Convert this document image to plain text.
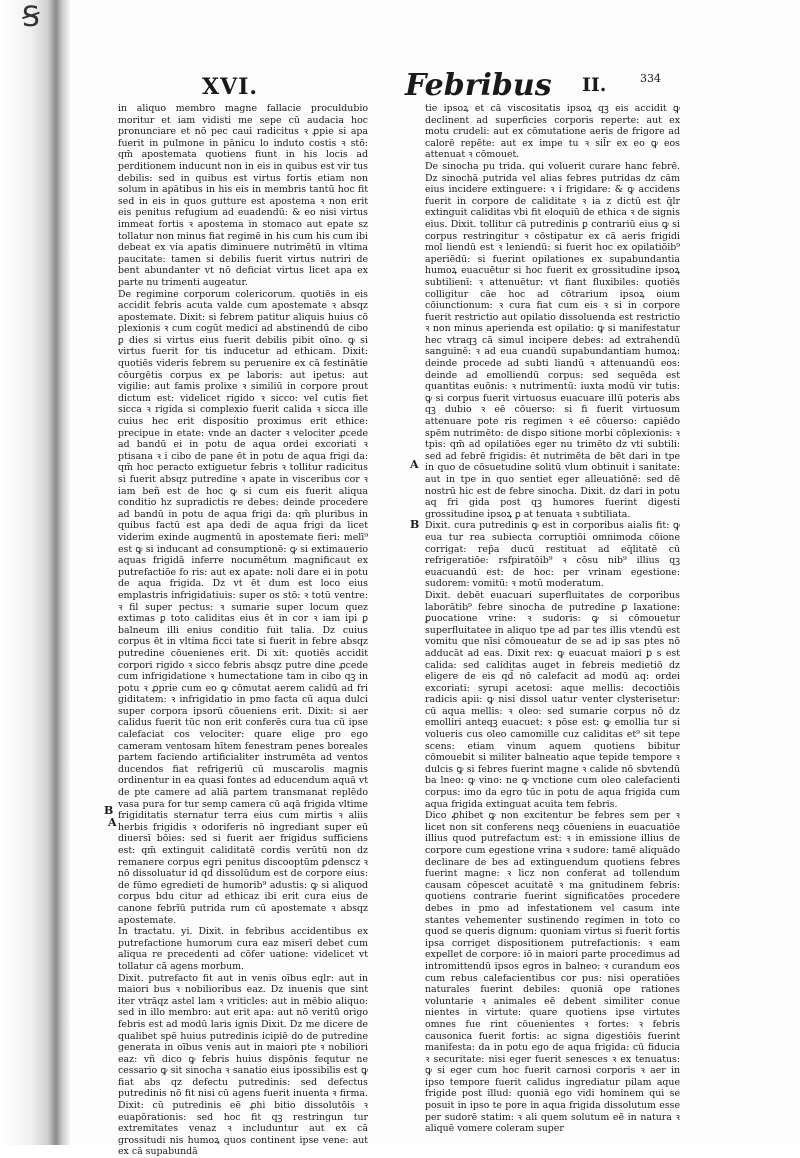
Ꞩ
XVI.	Febribus II.	334

in aliquo membro magne fallacie proculdubio moritur et iam vidisti me sepe cū audacia hoc pronunciare et nō pec caui radicitus ꝛ ꝓpie si apa fuerit in pulmone in pānicu lo induto costis ꝛ stō: qm̄ apostemata quotiens fiunt in his locis ad perditionem inducunt non in eis in quibus est vir tus debilis: sed in quibus est virtus fortis etiam non solum in apātibus in his eis in membris tantū hoc fit sed in eis in quos gutture est apostema ꝛ non erit eis penitus refugium ad euadendū: & eo nisi virtus immeat fortis ꝛ apostema in stomaco aut epate sz tollatur non minus fiat regimē in his cum his cum ibi debeat ex via apatis diminuere nutrimētū in vltima paucitate: tamen si debilis fuerit virtus nutriri de bent abundanter vt nō deficiat virtus licet apa ex parte nu trimenti augeatur.

De regimine corporum colericorum. quotiēs in eis accidit febris acuta valde cum apostemate ꝛ absqz apostemate. Dixit: si febrem patitur aliquis huius cō plexionis ꝛ cum cogūt medici ad abstinendū de cibo ꝑ dies si virtus eius fuerit debilis pibit oīno. ꝙ si virtus fuerit for tis inducetur ad ethicam. Dixit: quotiēs videris febrem su peruenire ex cā festinātie cōurgētis corpus ex pe laboris: aut ipetus: aut vigilie: aut famis prolixe ꝛ similiū in corpore prout dictum est: videlicet rigido ꝛ sicco: vel cutis fiet sicca ꝛ rigida si complexio fuerit calida ꝛ sicca ille cuius hec erit dispositio proximus erit ethice: precipue in etate: vnde an dacter ꝛ velociter ꝓcede ad bandū ei in potu de aqua ordei excoriati ꝛ ptisana ꝛ i cibo de pane ēt in potu de aqua frigi da: qm̄ hoc peracto extiguetur febris ꝛ tollitur radicitus si fuerit absqz putredine ꝛ apate in visceribus cor ꝛ iam beñ est de hoc ꝙ si cum eis fuerit aliqua conditio hz supradictis re debes: deinde procedere ad bandū in potu de aqua frigi da: qm̄ pluribus in quibus factū est apa dedi de aqua frigi da licet viderim exinde augmentū in apostemate fieri: melī⁹ est ꝙ si inducant ad consumptionē: ꝙ si extimauerio aquas frigidā inferre nocumētum magnificaut ex putrefactiōe fo ris: aut ex apate: noli dare ei in potu de aqua frigida. Dz vt ēt dum est loco eius emplastris infrigidatiuis: super os stō: ꝛ totū ventre: ꝛ fil super pectus: ꝛ sumarie super locum quez extimas ꝑ toto caliditas eius ēt in cor ꝛ iam ipi ꝑ balneum illi enius conditio fuit talia. Dz cuius corpus ēt in vltima ficci tate si fuerit in febre absqz putredine cōuenienes erit. Di xit: quotiēs accidit corpori rigido ꝛ sicco febris absqz putre dine ꝓcede cum infrigidatione ꝛ humectatione tam in cibo qꝫ in potu ꝛ ꝓprie cum eo ꝙ cōmutat aerem calidū ad fri giditatem: ꝛ infrigidatio in pmo facta cū aqua dulci super corpora ipsorū cōueniens erit. Dixit: si aer calidus fuerit tūc non erit conferēs cura tua cū ipse calefaciat cos velociter: quare elige pro ego cameram ventosam hītem fenestram penes boreales partem faciendo artificialiter instrumēta ad ventos ducendos fiat refrigeriū cū muscarolis magnis ordinentur in ea quasi fontes ad educendum aquā vt de pte camere ad aliā partem transmanat replēdo vasa pura for tur semp camera cū aqā frigida vltime frigiditatis sternatur terra eius cum mirtis ꝛ aliis herbis frigidis ꝛ odoriferis nō ingrediant super eū diuersī bōies: sed si fuerit aer frigidus sufficiens est: qm̄ extinguit caliditatē cordis verūtū non dz remanere corpus egri penitus discooptūm ꝑdenscz ꝛ nō dissoluatur id qd̄ dissolūdum est de corpore eius: de fūmo egredieti de humorib⁹ adustis: ꝙ si aliquod corpus bdu citur ad ethicaz ibi erit cura eius de canone febrīū putrida rum cū apostemate ꝛ absqz apostemate.

In tractatu. yi. Dixit. in febribus accidentibus ex putrefactione humorum cura eaz miserī debet cum aliqua re precedenti ad cōfer uatione: videlicet vt tollatur cā agens morbum.

Dixit. putrefacto fit aut in venis oībus eqlr: aut in maiori bus ꝛ nobilioribus eaz. Dz inuenis que sint iter vtrāqz astel lam ꝛ vriticles: aut in mēbio aliquo: sed in illo membro: aut erit apa: aut nō veritū origo febris est ad modū laris ignis Dixit. Dz me dicere de qualibet spē huius putredinis icipiē do de putredine generata in oībus venis aut in maiori pte ꝛ nobiliori eaz: vñ dico ꝙ febris huius dispōnis fequtur ne cessario ꝙ sit sinocha ꝛ sanatio eius ipossibilis est ꝙ fiat abs qz defectu putredinis: sed defectus putredinis nō fit nisi cū agens fuerit inuenta ꝛ firma. Dixit: cū putredinis eē ꝓhi bitio dissolutōis ꝛ euapōrationis: sed hoc fit qꝫ restringun tur extremitates venaz ꝛ includuntur aut ex cā grossitudi nis humoꝝ quos continent ipse vene: aut ex cā supabundā

B
A

tie ipsoꝝ et cā viscositatis ipsoꝝ qꝫ eis accidit ꝙ declinent ad superficies corporis reperte: aut ex motu crudeli: aut ex cōmutatione aeris de frigore ad calorē repēte: aut ex impe tu ꝛ sil̄r ex eo ꝙ eos attenuat ꝛ cōmouet.

De sinocha pu trida. qui voluerit curare hanc febrē. Dz sinochā putrida vel alias febres putridas dz cām eius incidere extinguere: ꝛ i frigidare: & ꝙ accidens fuerit in corpore de caliditate ꝛ ia z dictū est q̄lr extinguit caliditas vbi fit eloquiū de ethica ꝛ de signis eius. Dixit. tollitur cā putredinis ꝑ contrariū eius ꝙ si corpus restringitur ꝛ cōstipatur ex cā aeris frigidi mol liendū est ꝛ leniendū: si fuerit hoc ex opilatiōib⁹ aperiēdū: si fuerint opilationes ex supabundantia humoꝝ euacuētur si hoc fuerit ex grossitudine ipsoꝝ subtilienī: ꝛ attenuētur: vt fiant fluxibiles: quotiēs colligitur cāe hoc ad cōtrarium ipsoꝝ oium cōiunctionum: ꝛ cura fiat cum eis ꝛ si in corpore fuerit restrictio aut opilatio dissoluenda est restrictio ꝛ non minus aperienda est opilatio: ꝙ si manifestatur hec vtraqꝫ cā simul incipere debes: ad extrahendū sanguinē: ꝛ ad eua cuandū supabundantiam humoꝝ: deinde procede ad subti liandū ꝛ attenuandū eos: deinde ad emolliendū corpus: sed sequēda est quantitas euōnis: ꝛ nutrimentū: iuxta modū vir tutis: ꝙ si corpus fuerit virtuosus euacuare illū poteris abs qꝫ dubio ꝛ eē cōuerso: si fi fuerit virtuosum attenuare pote ris regimen ꝛ eē cōuerso: capiēdo spēm nutrimēto: de dispo sitione morbi cōplexionis: ꝛ tpis: qm̄ ad opilatiōes eger nu trimēto dz vti subtili: sed ad febrē frigidis: ēt nutrimēta de bēt dari in tpe in quo de cōsuetudine solitū vlum obtinuit i sanitate: aut in tpe in quo sentiet eger alleuatiōnē: sed dē nostrū hic est de febre sinocha. Dixit. dz dari in potu aq fri gida post qꝫ humores fuerint digesti grossitudine ipsoꝝ ꝑ at tenuata ꝛ subtiliata.

Dixit. cura putredinis ꝙ est in corporibus aialis fit: ꝙ eua tur rea subiecta corruptiōi omnimoda cōione corrigat: rep̄a ducū restituat ad eq̄litatē cū refrigeratiōe: rsfpiratōib⁹ ꝛ cōsu nib⁹ illius qꝫ euacuandū est: de hoc: per vrinam egestione: sudorem: vomitū: ꝛ motū moderatum.

Dixit. debēt euacuari superfluitates de corporibus laborātib⁹ febre sinocha de putredine ꝑ laxatione: ꝑuocatione vrine: ꝛ sudoris: ꝙ si cōmouetur superfluitatee in aliquo tpe ad par tes illis vtendū est vomitu que nīsi cōmoueatur de se ad ip sas ptes nō adducāt ad eas. Dixit rex: ꝙ euacuat maiori ꝑ s est calida: sed caliditas auget in febreis medietiō dz eligere de eis qd̄ nō calefacit ad modū aq: ordei excoriati: syrupi acetosi: aque mellis: decoctiōis radicis apii: ꝙ nisi dissol uatur venter clysterisetur: cū aqua mellis: ꝛ oleo: sed sumarie corpus nō dz emolliri anteqꝫ euacuet: ꝛ pōse est: ꝙ emollia tur si volueris cus oleo camomille cuz caliditas et⁹ sit tepe scens: etiam vinum aquem quotiens bibitur cōmouebit si militer balneatio aque tepide tempore ꝛ dulcis ꝙ si febres fuerint magne ꝛ calide nō sbvtendū ba lneo: ꝙ vino: ne ꝙ vnctione cum oleo calefacienti corpus: imo da egro tūc in potu de aqua frigida cum aqua frigida extinguat acuita tem febris.

Dico ꝓhibet ꝙ non excitentur be febres sem per ꝛ licet non sit conferens neqꝫ cōueniens in euacuatiōe illius quod putrefactum est: ꝛ in emissione illius de corpore cum egestione vrina ꝛ sudore: tamē aliquādo declinare de bes ad extinguendum quotiens febres fuerint magne: ꝛ licz non conferat ad tollendum causam cōpescet acuitatē ꝛ ma gnitudinem febris: quotiens contrarie fuerint significatōes procedere debes in pmo ad infestationem vel casum inte stantes vehementer sustinendo regimen in toto co quod se queris dignum: quoniam virtus si fuerit fortis ipsa corriget dispositionem putrefactionis: ꝛ eam expellet de corpore: iō in maiori parte procedimus ad intromittendū ipsos egros in balneo: ꝛ curandum eos cum rebus calefacientibus cor pus: nisi operatiōes naturales fuerint debiles: quoniā ope rationes voluntarie ꝛ animales eē debent similiter conue nientes in virtute: quare quotiens ipse virtutes omnes fue rint cōuenientes ꝛ fortes: ꝛ febris causonica fuerit fortis: ac signa digestiōis fuerint manifesta: da in potu ego de aqua frigida: cū fiducia ꝛ securitate: nisi eger fuerit senesces ꝛ ex tenuatus: ꝙ si eger cum hoc fuerit carnosi corporis ꝛ aer in ipso tempore fuerit calidus ingrediatur pilam aque frigide post illud: quoniā ego vidi hominem qui se posuit in ipso te pore in aqua frigida dissolutum esse per sudorē statim: ꝛ ali quem solutum eē in natura ꝛ aliquē vomere coleram super

A
B
